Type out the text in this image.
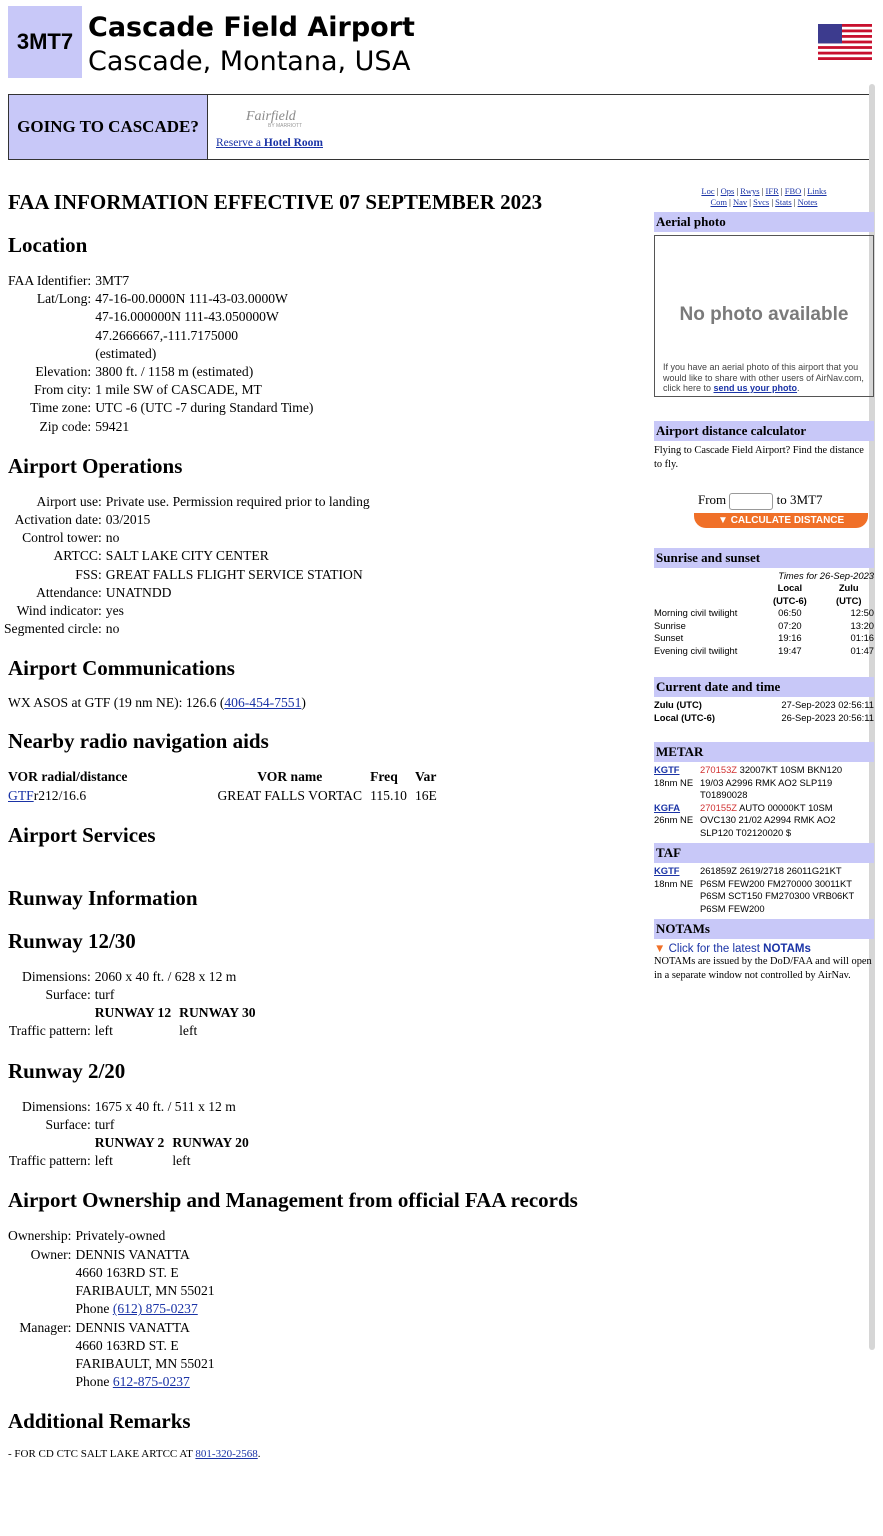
3MT7 Cascade Field Airport
Cascade, Montana, USA
GOING TO CASCADE?
Fairfield
BY MARRIOTT
Reserve a Hotel Room
FAA INFORMATION EFFECTIVE 07 SEPTEMBER 2023
Location
FAA Identifier:	3MT7
Lat/Long:	47-16-00.0000N 111-43-03.0000W
	47-16.000000N 111-43.050000W
	47.2666667,-111.7175000
	(estimated)
Elevation:	3800 ft. / 1158 m (estimated)
From city:	1 mile SW of CASCADE, MT
Time zone:	UTC -6 (UTC -7 during Standard Time)
Zip code:	59421
Airport Operations
Airport use:	Private use. Permission required prior to landing
Activation date:	03/2015
Control tower:	no
ARTCC:	SALT LAKE CITY CENTER
FSS:	GREAT FALLS FLIGHT SERVICE STATION
Attendance:	UNATNDD
Wind indicator:	yes
Segmented circle:	no
Airport Communications
WX ASOS at GTF (19 nm NE): 126.6 (406-454-7551)
Nearby radio navigation aids
VOR radial/distance	VOR name	Freq	Var
GTFr212/16.6	GREAT FALLS VORTAC	115.10	16E
Airport Services
Runway Information
Runway 12/30
Dimensions:	2060 x 40 ft. / 628 x 12 m	
Surface:	turf	
	RUNWAY 12	RUNWAY 30
Traffic pattern:	left	left
Runway 2/20
Dimensions:	1675 x 40 ft. / 511 x 12 m	
Surface:	turf	
	RUNWAY 2	RUNWAY 20
Traffic pattern:	left	left
Airport Ownership and Management from official FAA records
Ownership:	Privately-owned
Owner:	DENNIS VANATTA
	4660 163RD ST. E
	FARIBAULT, MN 55021
	Phone (612) 875-0237
Manager:	DENNIS VANATTA
	4660 163RD ST. E
	FARIBAULT, MN 55021
	Phone 612-875-0237
Additional Remarks
- FOR CD CTC SALT LAKE ARTCC AT 801-320-2568.
Loc | Ops | Rwys | IFR | FBO | Links
Com | Nav | Svcs | Stats | Notes
Aerial photo
No photo available
If you have an aerial photo of this airport that you would like to share with other users of AirNav.com, click here to send us your photo.
Airport distance calculator
Flying to Cascade Field Airport? Find the distance to fly.
From	to 3MT7
▼ CALCULATE DISTANCE
Sunrise and sunset
	Times for 26-Sep-2023	
	Local	Zulu
	(UTC-6)	(UTC)
Morning civil twilight	06:50	12:50
Sunrise	07:20	13:20
Sunset	19:16	01:16
Evening civil twilight	19:47	01:47
Current date and time
Zulu (UTC)	27-Sep-2023 02:56:11
Local (UTC-6)	26-Sep-2023 20:56:11
METAR
KGTF	270153Z 32007KT 10SM BKN120
18nm NE	19/03 A2996 RMK AO2 SLP119
	T01890028
KGFA	270155Z AUTO 00000KT 10SM
26nm NE	OVC130 21/02 A2994 RMK AO2
	SLP120 T02120020 $
TAF
KGTF	261859Z 2619/2718 26011G21KT
18nm NE	P6SM FEW200 FM270000 30011KT
	P6SM SCT150 FM270300 VRB06KT
	P6SM FEW200
NOTAMs
▼ Click for the latest NOTAMs
NOTAMs are issued by the DoD/FAA and will open in a separate window not controlled by AirNav.
